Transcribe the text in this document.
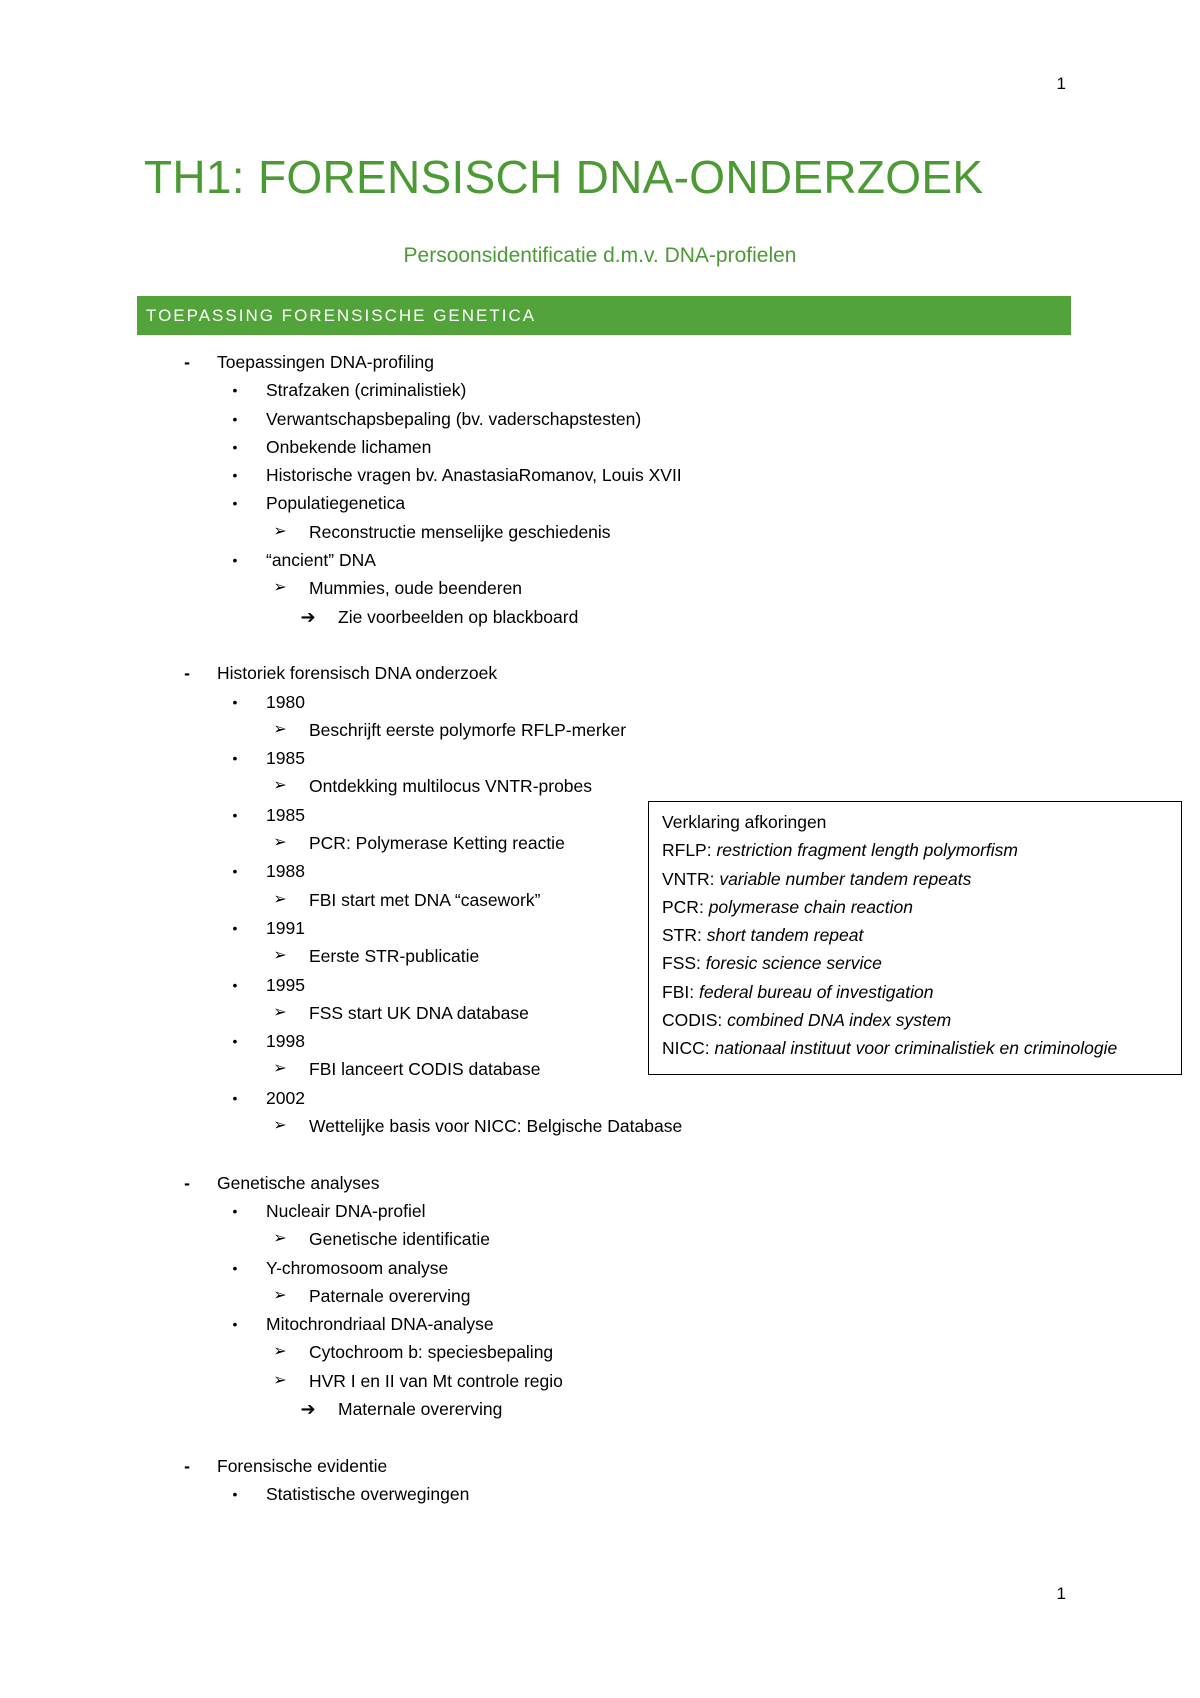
1
TH1: FORENSISCH DNA-ONDERZOEK
Persoonsidentificatie d.m.v. DNA-profielen
TOEPASSING FORENSISCHE GENETICA
-	Toepassingen DNA-profiling
•	Strafzaken (criminalistiek)
•	Verwantschapsbepaling (bv. vaderschapstesten)
•	Onbekende lichamen
•	Historische vragen bv. AnastasiaRomanov, Louis XVII
•	Populatiegenetica
➢ Reconstructie menselijke geschiedenis
•	“ancient” DNA
➢ Mummies, oude beenderen
➔ Zie voorbeelden op blackboard
-	Historiek forensisch DNA onderzoek
•	1980
➢ Beschrijft eerste polymorfe RFLP-merker
•	1985
➢ Ontdekking multilocus VNTR-probes
•	1985
➢ PCR: Polymerase Ketting reactie
•	1988
➢ FBI start met DNA “casework”
•	1991
➢ Eerste STR-publicatie
•	1995
➢ FSS start UK DNA database
•	1998
➢ FBI lanceert CODIS database
•	2002
➢ Wettelijke basis voor NICC: Belgische Database
-	Genetische analyses
•	Nucleair DNA-profiel
➢ Genetische identificatie
•	Y-chromosoom analyse
➢ Paternale overerving
•	Mitochrondriaal DNA-analyse
➢ Cytochroom b: speciesbepaling
➢ HVR I en II van Mt controle regio
➔ Maternale overerving
-	Forensische evidentie
•	Statistische overwegingen
Verklaring afkoringen
RFLP: restriction fragment length polymorfism
VNTR: variable number tandem repeats
PCR: polymerase chain reaction
STR: short tandem repeat
FSS: foresic science service
FBI: federal bureau of investigation
CODIS: combined DNA index system
NICC: nationaal instituut voor criminalistiek en criminologie
1
